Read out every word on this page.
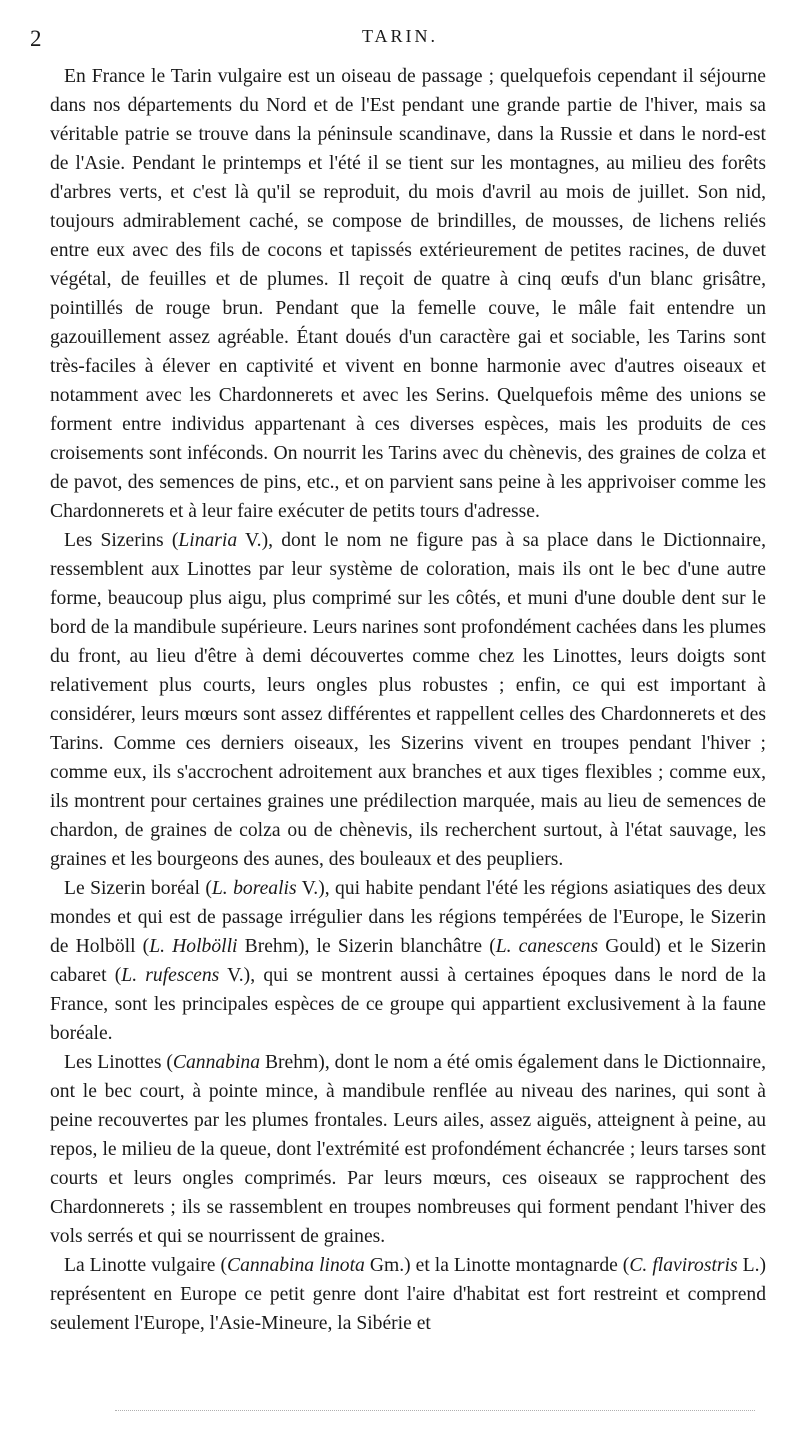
2	TARIN.

En France le Tarin vulgaire est un oiseau de passage ; quelquefois cependant il séjourne dans nos départements du Nord et de l'Est pendant une grande partie de l'hiver, mais sa véritable patrie se trouve dans la péninsule scandinave, dans la Russie et dans le nord-est de l'Asie. Pendant le printemps et l'été il se tient sur les montagnes, au milieu des forêts d'arbres verts, et c'est là qu'il se reproduit, du mois d'avril au mois de juillet. Son nid, toujours admirablement caché, se compose de brindilles, de mousses, de lichens reliés entre eux avec des fils de cocons et tapissés extérieurement de petites racines, de duvet végétal, de feuilles et de plumes. Il reçoit de quatre à cinq œufs d'un blanc grisâtre, pointillés de rouge brun. Pendant que la femelle couve, le mâle fait entendre un gazouillement assez agréable. Étant doués d'un caractère gai et sociable, les Tarins sont très-faciles à élever en captivité et vivent en bonne harmonie avec d'autres oiseaux et notamment avec les Chardonnerets et avec les Serins. Quelquefois même des unions se forment entre individus appartenant à ces diverses espèces, mais les produits de ces croisements sont inféconds. On nourrit les Tarins avec du chènevis, des graines de colza et de pavot, des semences de pins, etc., et on parvient sans peine à les apprivoiser comme les Chardonnerets et à leur faire exécuter de petits tours d'adresse.

Les Sizerins (Linaria V.), dont le nom ne figure pas à sa place dans le Dictionnaire, ressemblent aux Linottes par leur système de coloration, mais ils ont le bec d'une autre forme, beaucoup plus aigu, plus comprimé sur les côtés, et muni d'une double dent sur le bord de la mandibule supérieure. Leurs narines sont profondément cachées dans les plumes du front, au lieu d'être à demi découvertes comme chez les Linottes, leurs doigts sont relativement plus courts, leurs ongles plus robustes ; enfin, ce qui est important à considérer, leurs mœurs sont assez différentes et rappellent celles des Chardonnerets et des Tarins. Comme ces derniers oiseaux, les Sizerins vivent en troupes pendant l'hiver ; comme eux, ils s'accrochent adroitement aux branches et aux tiges flexibles ; comme eux, ils montrent pour certaines graines une prédilection marquée, mais au lieu de semences de chardon, de graines de colza ou de chènevis, ils recherchent surtout, à l'état sauvage, les graines et les bourgeons des aunes, des bouleaux et des peupliers.

Le Sizerin boréal (L. borealis V.), qui habite pendant l'été les régions asiatiques des deux mondes et qui est de passage irrégulier dans les régions tempérées de l'Europe, le Sizerin de Holböll (L. Holbölli Brehm), le Sizerin blanchâtre (L. canescens Gould) et le Sizerin cabaret (L. rufescens V.), qui se montrent aussi à certaines époques dans le nord de la France, sont les principales espèces de ce groupe qui appartient exclusivement à la faune boréale.

Les Linottes (Cannabina Brehm), dont le nom a été omis également dans le Dictionnaire, ont le bec court, à pointe mince, à mandibule renflée au niveau des narines, qui sont à peine recouvertes par les plumes frontales. Leurs ailes, assez aiguës, atteignent à peine, au repos, le milieu de la queue, dont l'extrémité est profondément échancrée ; leurs tarses sont courts et leurs ongles comprimés. Par leurs mœurs, ces oiseaux se rapprochent des Chardonnerets ; ils se rassemblent en troupes nombreuses qui forment pendant l'hiver des vols serrés et qui se nourrissent de graines.

La Linotte vulgaire (Cannabina linota Gm.) et la Linotte montagnarde (C. flavirostris L.) représentent en Europe ce petit genre dont l'aire d'habitat est fort restreint et comprend seulement l'Europe, l'Asie-Mineure, la Sibérie et
